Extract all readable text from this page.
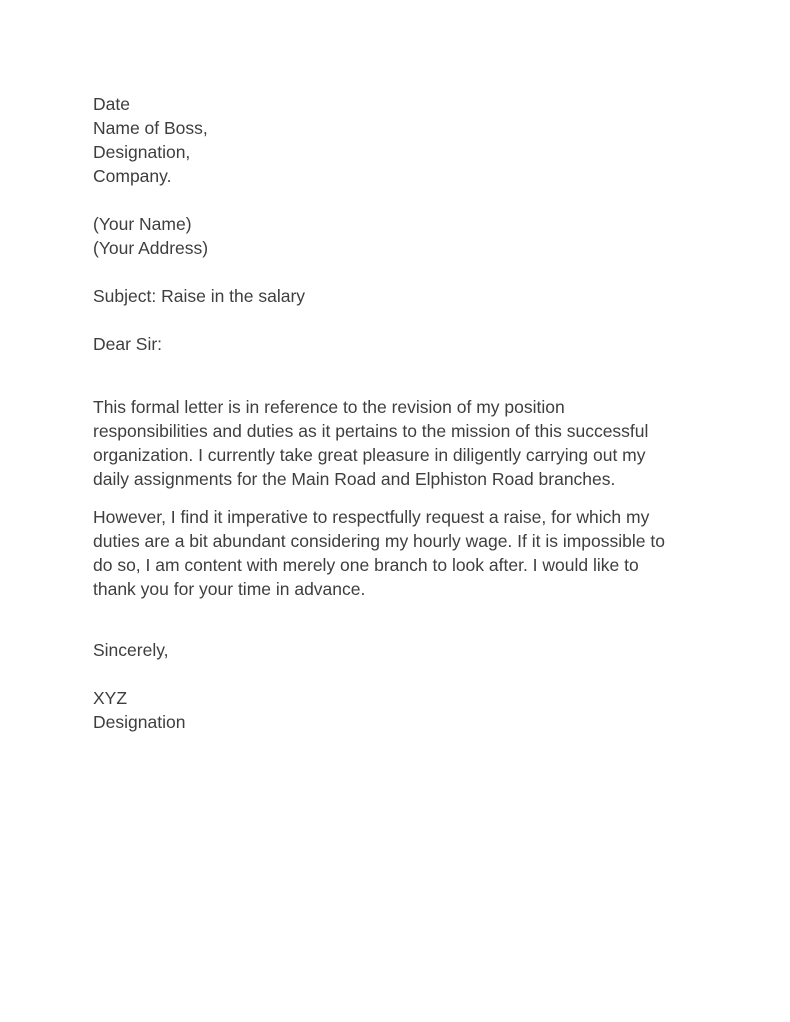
Date
Name of Boss,
Designation,
Company.
(Your Name)
(Your Address)
Subject: Raise in the salary
Dear Sir:
This formal letter is in reference to the revision of my position
responsibilities and duties as it pertains to the mission of this successful
organization. I currently take great pleasure in diligently carrying out my
daily assignments for the Main Road and Elphiston Road branches.
However, I find it imperative to respectfully request a raise, for which my
duties are a bit abundant considering my hourly wage. If it is impossible to
do so, I am content with merely one branch to look after. I would like to
thank you for your time in advance.
Sincerely,
XYZ
Designation
